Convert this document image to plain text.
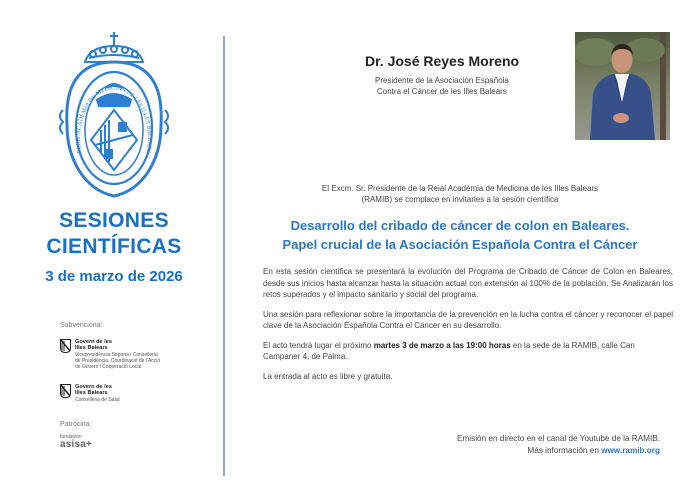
REIAL ACADÈMIA DE MEDICINA DE LES ILLES BALEARS
SESIONES
CIENTÍFICAS
3 de marzo de 2026
Subvenciona:
Govern de les
Illes Balears
Vicepresidència Segona i Conselleria
de Presidència, Coordinació de l'Acció
de Govern i Cooperació Local
Govern de les
Illes Balears
Conselleria de Salut
Patrocina:
fundación
asisa+
Dr. José Reyes Moreno
Presidente de la Asociación Española
Contra el Cáncer de les Illes Balears
El Excm. Sr. Presidente de la Reial Acadèmia de Medicina de les Illes Balears
(RAMIB) se complace en invitarles a la sesión científica
Desarrollo del cribado de cáncer de colon en Baleares.
Papel crucial de la Asociación Española Contra el Cáncer

En esta sesión científica se presentará la evolución del Programa de Cribado de Cáncer de Colon en Baleares, desde sus inicios hasta alcanzar hasta la situación actual con extensión al 100% de la población. Se Analizarán los retos superados y el impacto sanitario y social del programa.

Una sesión para reflexionar sobre la importancia de la prevención en la lucha contra el cáncer y reconocer el papel clave de la Asociación Española Contra el Cáncer en su desarrollo.

El acto tendrá lugar el próximo martes 3 de marzo a las 19:00 horas en la sede de la RAMIB, calle Can Campaner 4, de Palma.

La entrada al acto es libre y gratuita.

Emisión en directo en el canal de Youtube de la RAMIB.
Más información en www.ramib.org
